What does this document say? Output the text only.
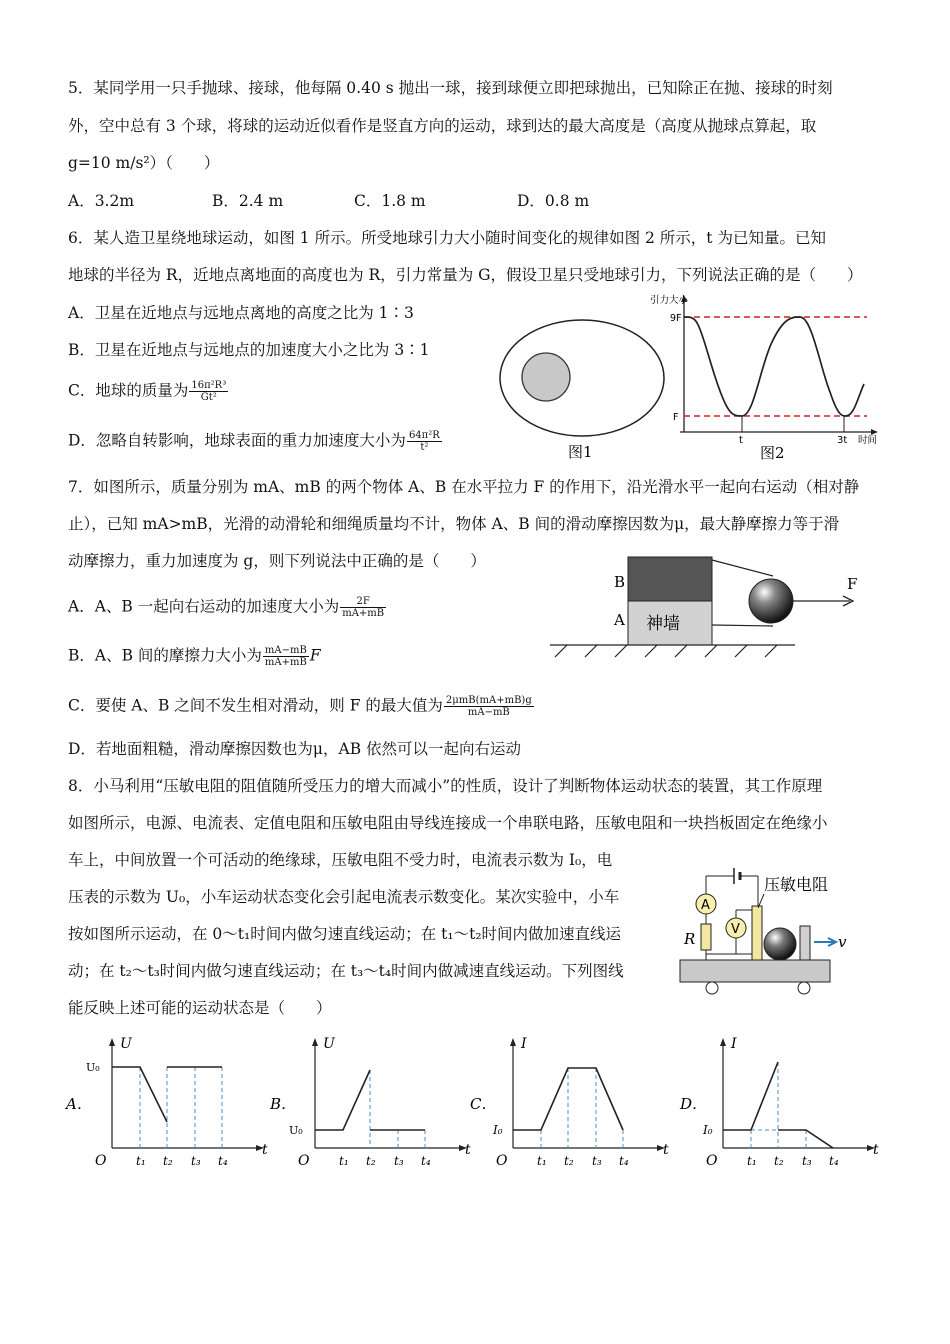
5．某同学用一只手抛球、接球，他每隔 0.40 s 抛出一球，接到球便立即把球抛出，已知除正在抛、接球的时刻
外，空中总有 3 个球，将球的运动近似看作是竖直方向的运动，球到达的最大高度是（高度从抛球点算起，取
g=10 m/s²）（　　）
A．3.2m	B．2.4 m	C．1.8 m	D．0.8 m
6．某人造卫星绕地球运动，如图 1 所示。所受地球引力大小随时间变化的规律如图 2 所示，t 为已知量。已知
地球的半径为 R，近地点离地面的高度也为 R，引力常量为 G，假设卫星只受地球引力，下列说法正确的是（　　）
A．卫星在近地点与远地点离地的高度之比为 1∶3
B．卫星在近地点与远地点的加速度大小之比为 3∶1
C．地球的质量为 $\frac{\text{16π²R³}}{\text{Gt²}}$
D．忽略自转影响，地球表面的重力加速度大小为 $\frac{\text{64π²R}}{\text{t²}}$	图1
引力大小
9F
F
t	3t 时间
图2
7．如图所示，质量分别为 mA、mB 的两个物体 A、B 在水平拉力 F 的作用下，沿光滑水平一起向右运动（相对静
止），已知 mA>mB，光滑的动滑轮和细绳质量均不计，物体 A、B 间的滑动摩擦因数为μ，最大静摩擦力等于滑
动摩擦力，重力加速度为 g，则下列说法中正确的是（　　）
A．A、B 一起向右运动的加速度大小为 $\frac{2F}{mA+mB}$
B．A、B 间的摩擦力大小为 $\frac{mA-mB}{mA+mB}$ F
C．要使 A、B 之间不发生相对滑动，则 F 的最大值为 $\frac{\text{2μmB(mA+mB)g}}{mA-mB}$
D．若地面粗糙，滑动摩擦因数也为μ，AB 依然可以一起向右运动
B
A 神墙
F
8．小马利用“压敏电阻的阻值随所受压力的增大而减小”的性质，设计了判断物体运动状态的装置，其工作原理
如图所示，电源、电流表、定值电阻和压敏电阻由导线连接成一个串联电路，压敏电阻和一块挡板固定在绝缘小
车上，中间放置一个可活动的绝缘球，压敏电阻不受力时，电流表示数为 I₀，电
压表的示数为 U₀，小车运动状态变化会引起电流表示数变化。某次实验中，小车
按如图所示运动，在 0～t₁时间内做匀速直线运动；在 t₁～t₂时间内做加速直线运
动；在 t₂～t₃时间内做匀速直线运动；在 t₃～t₄时间内做减速直线运动。下列图线
能反映上述可能的运动状态是（　　）
A
R
V
压敏电阻
v
A．
U
O
t
t₁ t₂ t₃ t₄
U₀
B．
U
O
t
t₁ t₂ t₃ t₄
U₀
C．
I
O
t
t₁ t₂ t₃ t₄
I₀
D．
I
O
t
t₁ t₂ t₃ t₄
I₀
